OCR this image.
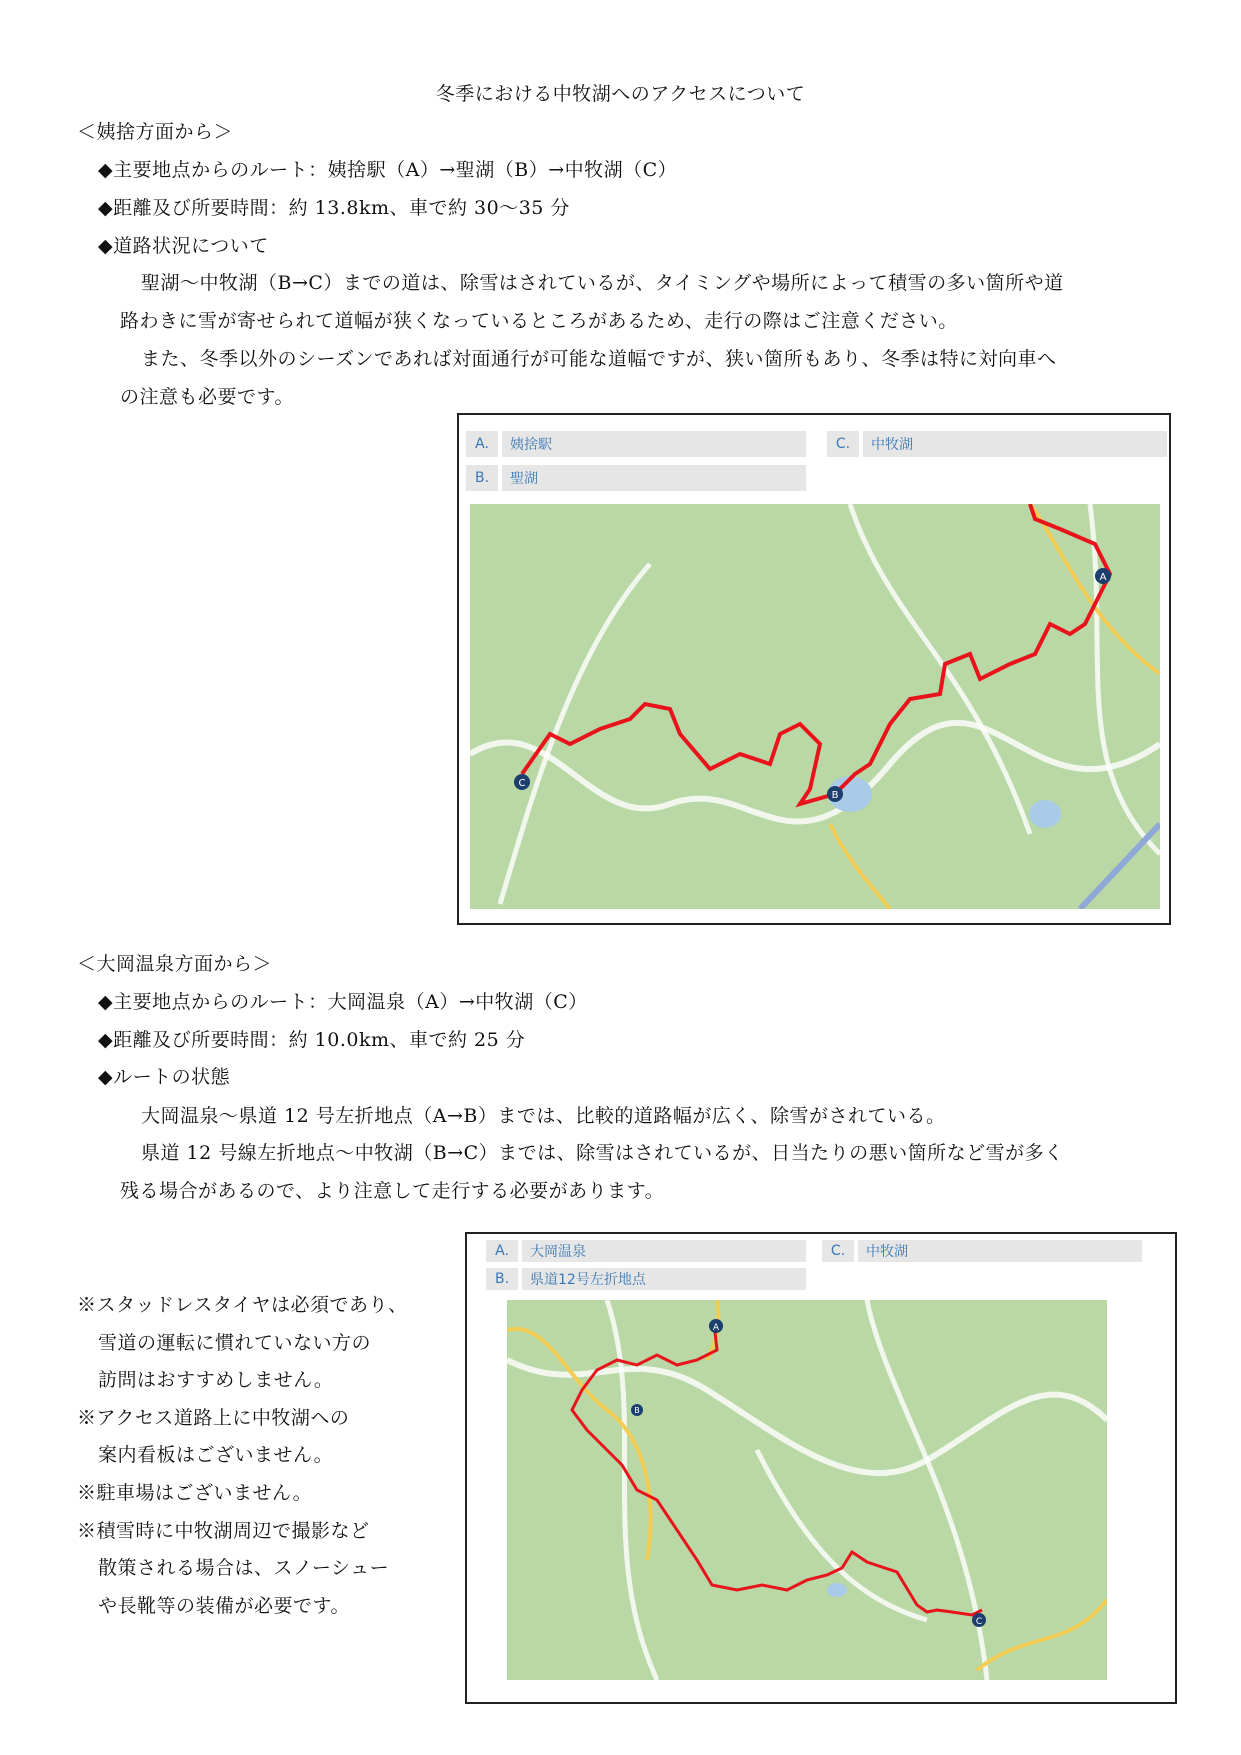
冬季における中牧湖へのアクセスについて
＜姨捨方面から＞
◆主要地点からのルート：姨捨駅（A）→聖湖（B）→中牧湖（C）
◆距離及び所要時間：約 13.8km、車で約 30～35 分
◆道路状況について
聖湖～中牧湖（B→C）までの道は、除雪はされているが、タイミングや場所によって積雪の多い箇所や道
路わきに雪が寄せられて道幅が狭くなっているところがあるため、走行の際はご注意ください。
また、冬季以外のシーズンであれば対面通行が可能な道幅ですが、狭い箇所もあり、冬季は特に対向車へ
の注意も必要です。
A.	姨捨駅
B.	聖湖
C.	中牧湖
A
B
C
＜大岡温泉方面から＞
◆主要地点からのルート：大岡温泉（A）→中牧湖（C）
◆距離及び所要時間：約 10.0km、車で約 25 分
◆ルートの状態
大岡温泉～県道 12 号左折地点（A→B）までは、比較的道路幅が広く、除雪がされている。
県道 12 号線左折地点～中牧湖（B→C）までは、除雪はされているが、日当たりの悪い箇所など雪が多く
残る場合があるので、より注意して走行する必要があります。
A.	大岡温泉
B.	県道12号左折地点
C.	中牧湖
A
B
C
※スタッドレスタイヤは必須であり、
雪道の運転に慣れていない方の
訪問はおすすめしません。
※アクセス道路上に中牧湖への
案内看板はございません。
※駐車場はございません。
※積雪時に中牧湖周辺で撮影など
散策される場合は、スノーシュー
や長靴等の装備が必要です。
